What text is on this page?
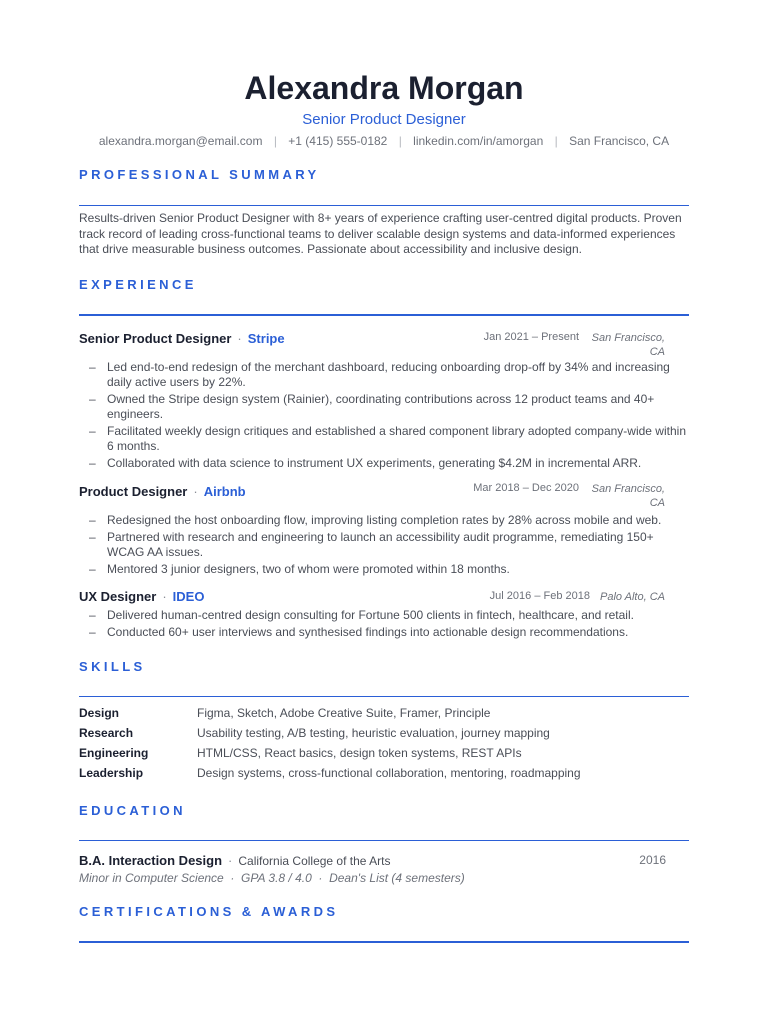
Alexandra Morgan
Senior Product Designer
alexandra.morgan@email.com | +1 (415) 555-0182 | linkedin.com/in/amorgan | San Francisco, CA
PROFESSIONAL SUMMARY
Results-driven Senior Product Designer with 8+ years of experience crafting user-centred digital products. Proven track record of leading cross-functional teams to deliver scalable design systems and data-informed experiences that drive measurable business outcomes. Passionate about accessibility and inclusive design.
EXPERIENCE
Senior Product Designer · Stripe	Jan 2021 – Present San Francisco, CA
– Led end-to-end redesign of the merchant dashboard, reducing onboarding drop-off by 34% and increasing daily active users by 22%.
– Owned the Stripe design system (Rainier), coordinating contributions across 12 product teams and 40+ engineers.
– Facilitated weekly design critiques and established a shared component library adopted company-wide within 6 months.
– Collaborated with data science to instrument UX experiments, generating $4.2M in incremental ARR.
Product Designer · Airbnb	Mar 2018 – Dec 2020 San Francisco, CA
– Redesigned the host onboarding flow, improving listing completion rates by 28% across mobile and web.
– Partnered with research and engineering to launch an accessibility audit programme, remediating 150+ WCAG AA issues.
– Mentored 3 junior designers, two of whom were promoted within 18 months.
UX Designer · IDEO	Jul 2016 – Feb 2018 Palo Alto, CA
– Delivered human-centred design consulting for Fortune 500 clients in fintech, healthcare, and retail.
– Conducted 60+ user interviews and synthesised findings into actionable design recommendations.
SKILLS
Design	Figma, Sketch, Adobe Creative Suite, Framer, Principle
Research	Usability testing, A/B testing, heuristic evaluation, journey mapping
Engineering	HTML/CSS, React basics, design token systems, REST APIs
Leadership	Design systems, cross-functional collaboration, mentoring, roadmapping
EDUCATION
B.A. Interaction Design · California College of the Arts	2016
Minor in Computer Science  ·  GPA 3.8 / 4.0  ·  Dean's List (4 semesters)
CERTIFICATIONS & AWARDS
